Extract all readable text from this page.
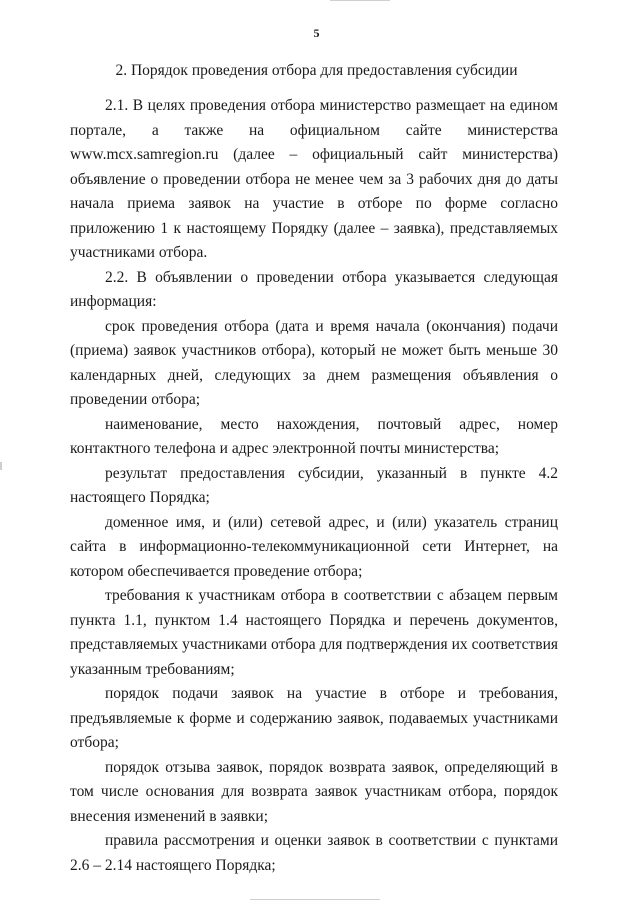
5
2. Порядок проведения отбора для предоставления субсидии

2.1. В целях проведения отбора министерство размещает на едином портале, а также на официальном сайте министерства www.mcx.samregion.ru (далее – официальный сайт министерства) объявление о проведении отбора не менее чем за 3 рабочих дня до даты начала приема заявок на участие в отборе по форме согласно приложению 1 к настоящему Порядку (далее – заявка), представляемых участниками отбора.

2.2. В объявлении о проведении отбора указывается следующая информация:

срок проведения отбора (дата и время начала (окончания) подачи (приема) заявок участников отбора), который не может быть меньше 30 календарных дней, следующих за днем размещения объявления о проведении отбора;

наименование, место нахождения, почтовый адрес, номер контактного телефона и адрес электронной почты министерства;

результат предоставления субсидии, указанный в пункте 4.2 настоящего Порядка;

доменное имя, и (или) сетевой адрес, и (или) указатель страниц сайта в информационно-телекоммуникационной сети Интернет, на котором обеспечивается проведение отбора;

требования к участникам отбора в соответствии с абзацем первым пункта 1.1, пунктом 1.4 настоящего Порядка и перечень документов, представляемых участниками отбора для подтверждения их соответствия указанным требованиям;

порядок подачи заявок на участие в отборе и требования, предъявляемые к форме и содержанию заявок, подаваемых участниками отбора;

порядок отзыва заявок, порядок возврата заявок, определяющий в том числе основания для возврата заявок участникам отбора, порядок внесения изменений в заявки;

правила рассмотрения и оценки заявок в соответствии с пунктами 2.6 – 2.14 настоящего Порядка;
